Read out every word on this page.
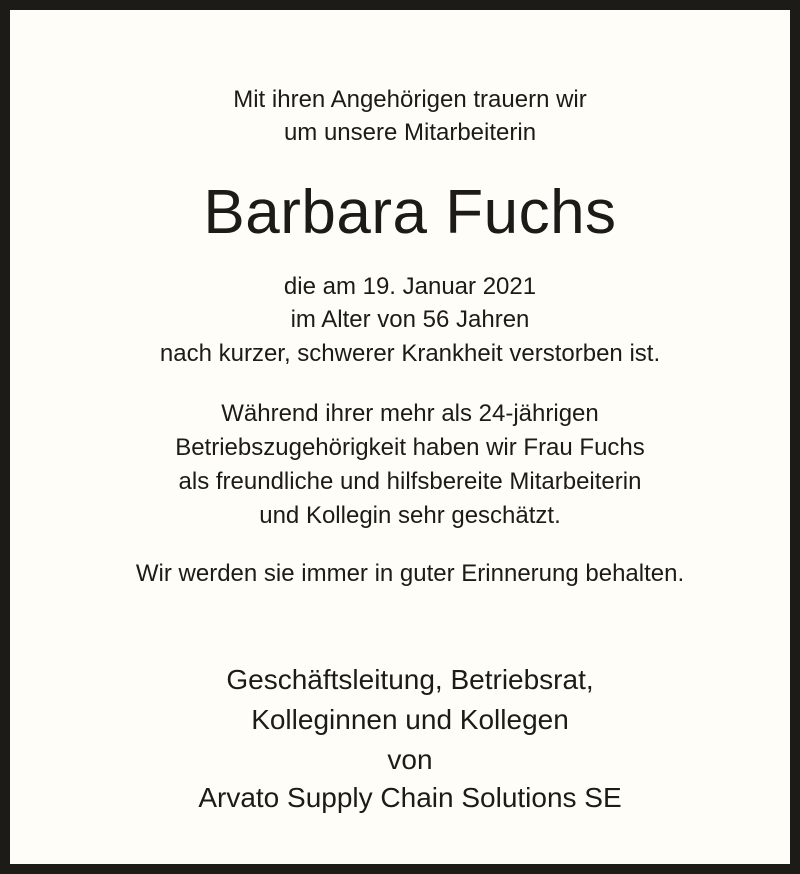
Mit ihren Angehörigen trauern wir
um unsere Mitarbeiterin
Barbara Fuchs
die am 19. Januar 2021
im Alter von 56 Jahren
nach kurzer, schwerer Krankheit verstorben ist.
Während ihrer mehr als 24-jährigen
Betriebszugehörigkeit haben wir Frau Fuchs
als freundliche und hilfsbereite Mitarbeiterin
und Kollegin sehr geschätzt.
Wir werden sie immer in guter Erinnerung behalten.
Geschäftsleitung, Betriebsrat,
Kolleginnen und Kollegen
von
Arvato Supply Chain Solutions SE
